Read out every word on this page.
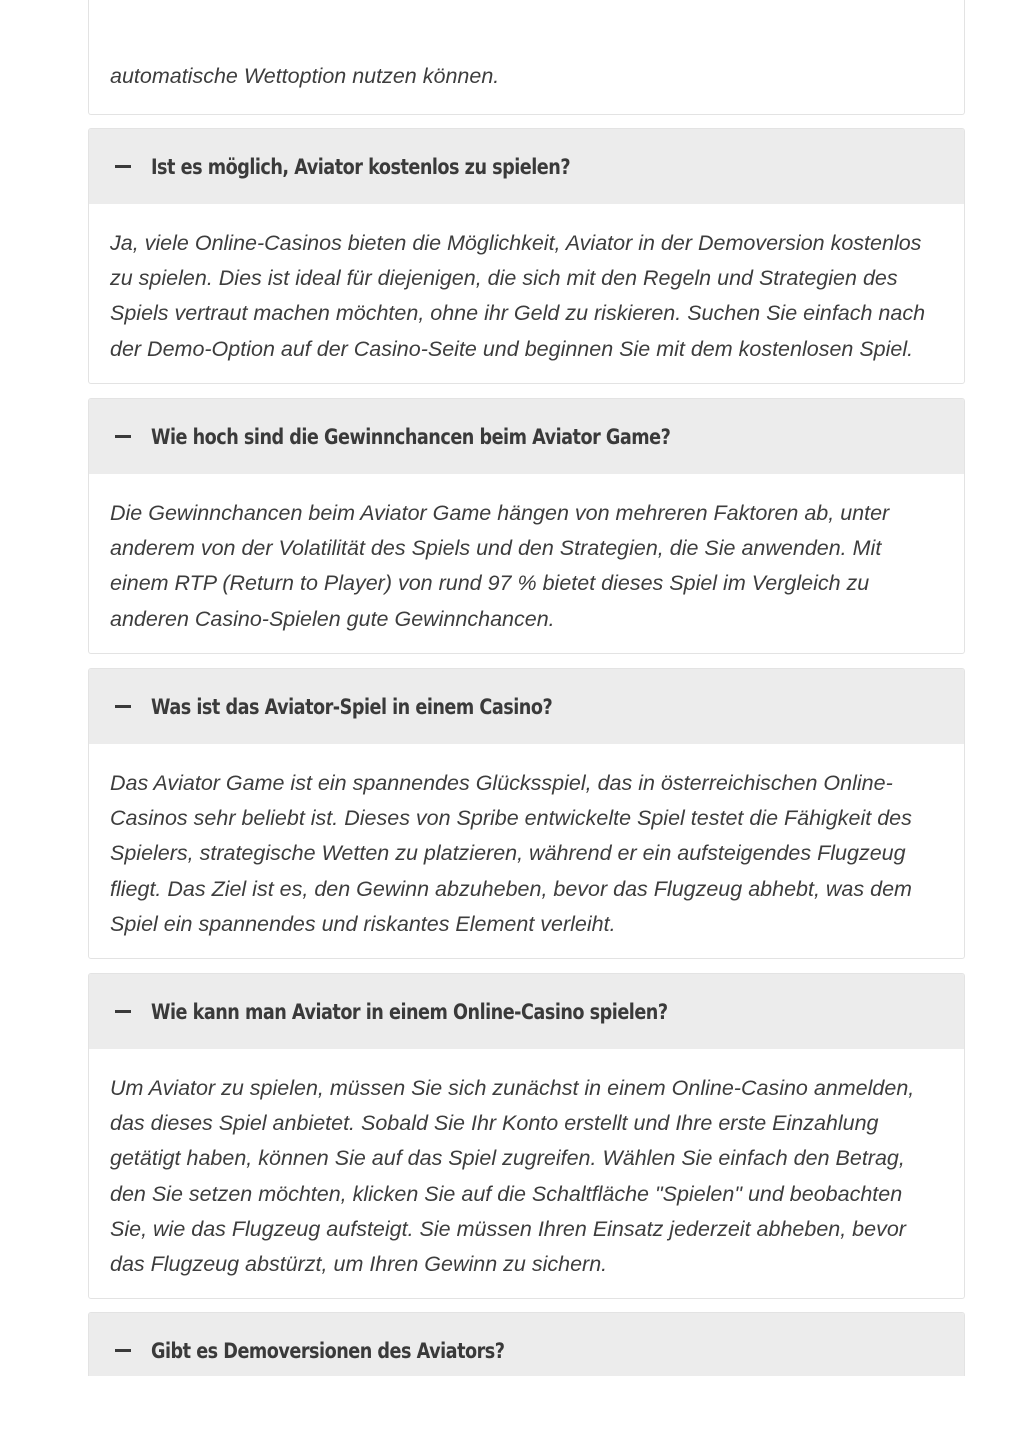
automatische Wettoption nutzen können.

Ist es möglich, Aviator kostenlos zu spielen?

Ja, viele Online-Casinos bieten die Möglichkeit, Aviator in der Demoversion kostenlos zu spielen. Dies ist ideal für diejenigen, die sich mit den Regeln und Strategien des Spiels vertraut machen möchten, ohne ihr Geld zu riskieren. Suchen Sie einfach nach der Demo-Option auf der Casino-Seite und beginnen Sie mit dem kostenlosen Spiel.

Wie hoch sind die Gewinnchancen beim Aviator Game?

Die Gewinnchancen beim Aviator Game hängen von mehreren Faktoren ab, unter anderem von der Volatilität des Spiels und den Strategien, die Sie anwenden. Mit einem RTP (Return to Player) von rund 97 % bietet dieses Spiel im Vergleich zu anderen Casino-Spielen gute Gewinnchancen.

Was ist das Aviator-Spiel in einem Casino?

Das Aviator Game ist ein spannendes Glücksspiel, das in österreichischen Online-Casinos sehr beliebt ist. Dieses von Spribe entwickelte Spiel testet die Fähigkeit des Spielers, strategische Wetten zu platzieren, während er ein aufsteigendes Flugzeug fliegt. Das Ziel ist es, den Gewinn abzuheben, bevor das Flugzeug abhebt, was dem Spiel ein spannendes und riskantes Element verleiht.

Wie kann man Aviator in einem Online-Casino spielen?

Um Aviator zu spielen, müssen Sie sich zunächst in einem Online-Casino anmelden, das dieses Spiel anbietet. Sobald Sie Ihr Konto erstellt und Ihre erste Einzahlung getätigt haben, können Sie auf das Spiel zugreifen. Wählen Sie einfach den Betrag, den Sie setzen möchten, klicken Sie auf die Schaltfläche "Spielen" und beobachten Sie, wie das Flugzeug aufsteigt. Sie müssen Ihren Einsatz jederzeit abheben, bevor das Flugzeug abstürzt, um Ihren Gewinn zu sichern.

Gibt es Demoversionen des Aviators?
